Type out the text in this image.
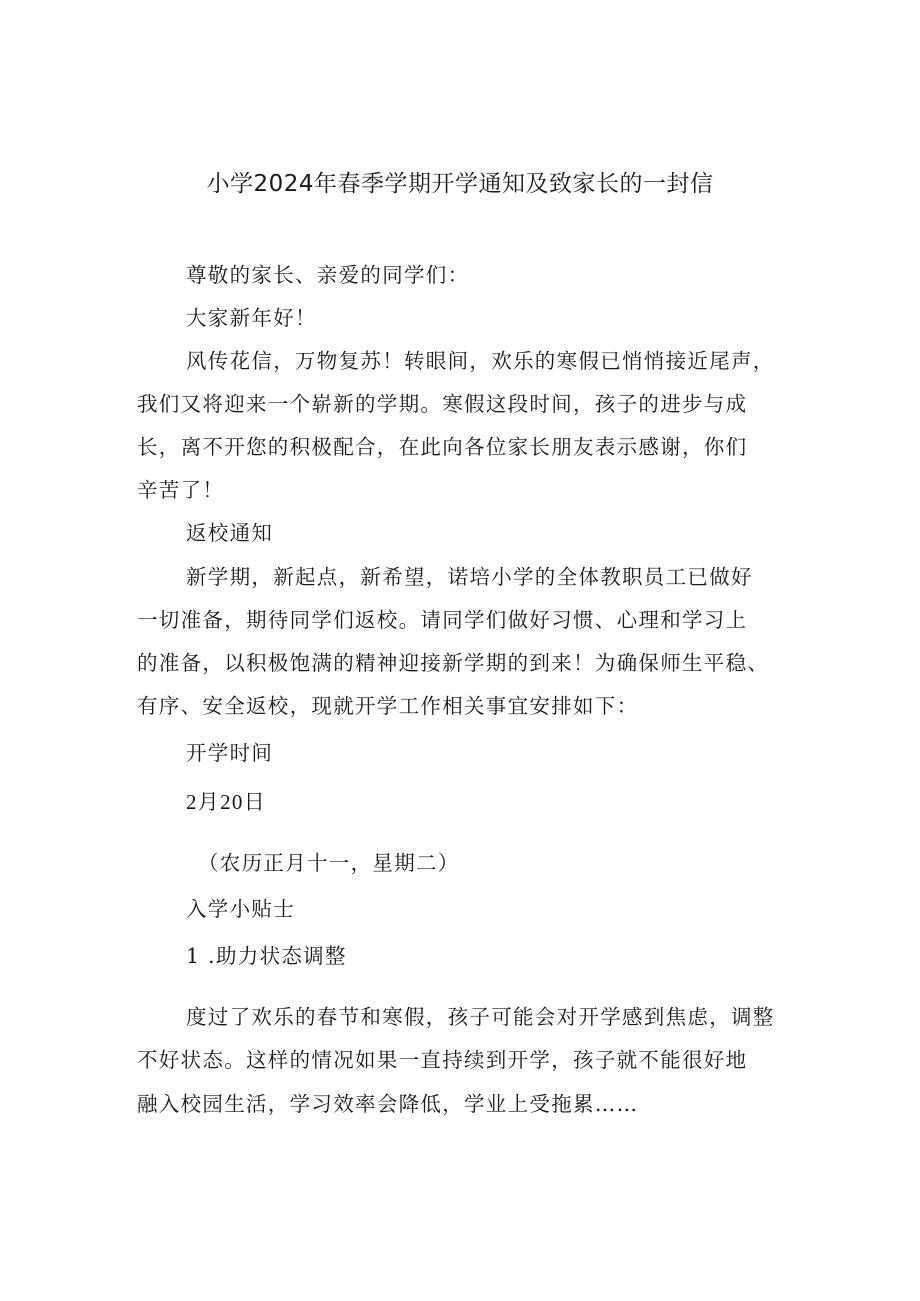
小学2024年春季学期开学通知及致家长的一封信
尊敬的家长、亲爱的同学们：
大家新年好！
风传花信，万物复苏！转眼间，欢乐的寒假已悄悄接近尾声，
我们又将迎来一个崭新的学期。寒假这段时间，孩子的进步与成
长，离不开您的积极配合，在此向各位家长朋友表示感谢，你们
辛苦了！
返校通知
新学期，新起点，新希望，诺培小学的全体教职员工已做好
一切准备，期待同学们返校。请同学们做好习惯、心理和学习上
的准备，以积极饱满的精神迎接新学期的到来！为确保师生平稳、
有序、安全返校，现就开学工作相关事宜安排如下：
开学时间
2月20日
（农历正月十一，星期二）
入学小贴士
1 .助力状态调整
度过了欢乐的春节和寒假，孩子可能会对开学感到焦虑，调整
不好状态。这样的情况如果一直持续到开学，孩子就不能很好地
融入校园生活，学习效率会降低，学业上受拖累……
